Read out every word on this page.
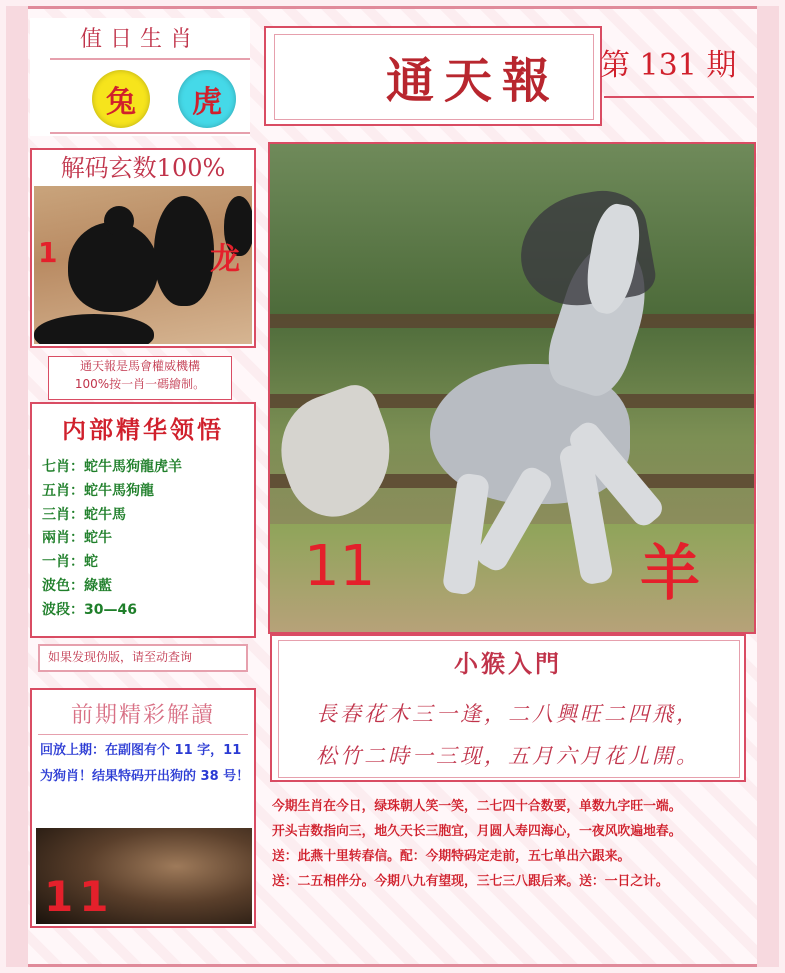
值日生肖
兔	虎
解码玄数100%
1	龙
通天報是馬會權威機構
100%按一肖一碼繪制。
内部精华领悟
七肖：蛇牛馬狗龍虎羊
五肖：蛇牛馬狗龍
三肖：蛇牛馬
兩肖：蛇牛
一肖：蛇
波色：綠藍
波段：30—46
如果发现伪版，请至动查询
前期精彩解讀
回放上期：在副图有个 11 字，11 为狗肖！结果特码开出狗的 38 号！
11
通天報 第 131 期
11	羊
小猴入門
長春花木三一逢，二八興旺二四飛，
松竹二時一三现，五月六月花儿開。
今期生肖在今日，绿珠朝人笑一笑，二七四十合数要，单数九字旺一端。
开头吉数指向三，地久天长三胞宜，月圆人寿四海心，一夜风吹遍地春。
送：此燕十里转春信。配：今期特码定走前，五七单出六跟来。
送：二五相伴分。今期八九有望现，三七三八跟后来。送：一日之计。
